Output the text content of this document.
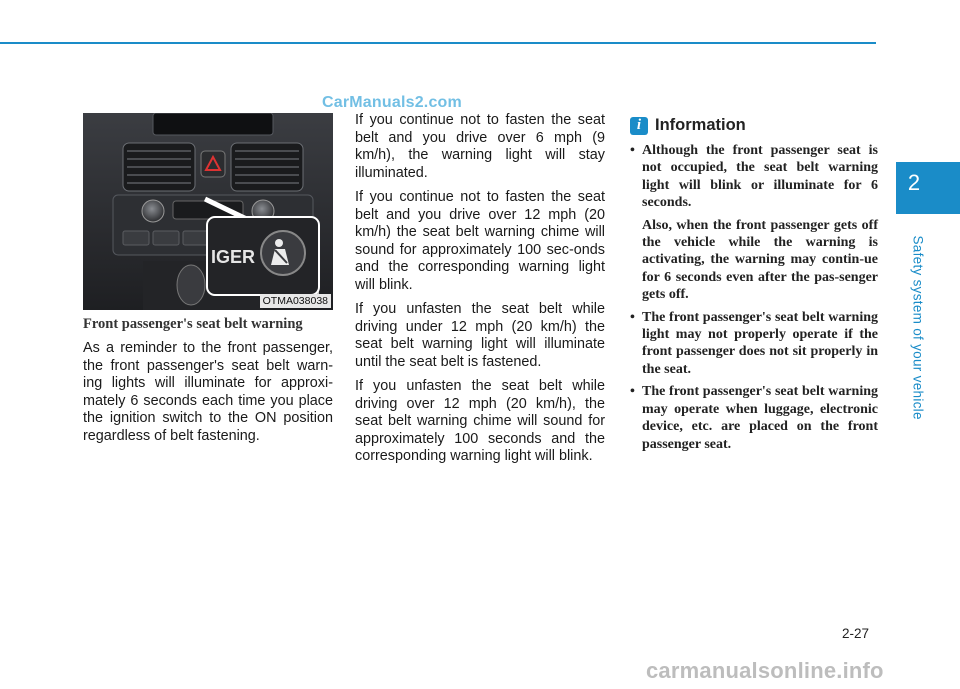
CarManuals2.com
IGER
OTMA038038
Front passenger's seat belt warning

As a reminder to the front passenger, the front passenger's seat belt warn-ing lights will illuminate for approxi-mately 6 seconds each time you place the ignition switch to the ON position regardless of belt fastening.

If you continue not to fasten the seat belt and you drive over 6 mph (9 km/h), the warning light will stay illuminated.

If you continue not to fasten the seat belt and you drive over 12 mph (20 km/h) the seat belt warning chime will sound for approximately 100 sec-onds and the corresponding warning light will blink.

If you unfasten the seat belt while driving under 12 mph (20 km/h) the seat belt warning light will illuminate until the seat belt is fastened.

If you unfasten the seat belt while driving over 12 mph (20 km/h), the seat belt warning chime will sound for approximately 100 seconds and the corresponding warning light will blink.

i Information
• Although the front passenger seat is not occupied, the seat belt warning light will blink or illuminate for 6 seconds.

Also, when the front passenger gets off the vehicle while the warning is activating, the warning may contin-ue for 6 seconds even after the pas-senger gets off.

• The front passenger's seat belt warning light may not properly operate if the front passenger does not sit properly in the seat.

• The front passenger's seat belt warning may operate when luggage, electronic device, etc. are placed on the front passenger seat.

2
Safety system of your vehicle
2-27
carmanualsonline.info
